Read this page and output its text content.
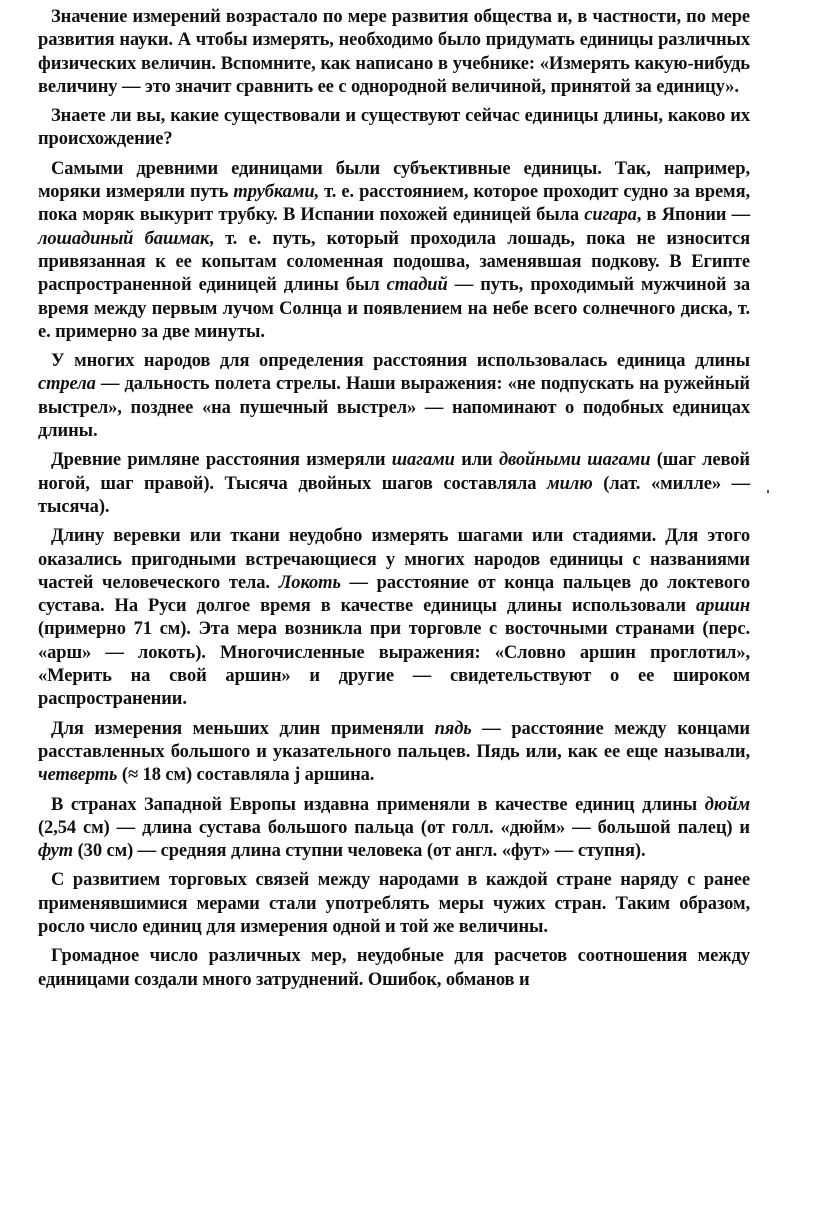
Значение измерений возрастало по мере развития общества и, в частности, по мере развития науки. А чтобы измерять, необходимо было придумать единицы различных физических величин. Вспомните, как написано в учебнике: «Измерять какую-нибудь величину — это значит сравнить ее с однородной величиной, принятой за единицу».

Знаете ли вы, какие существовали и существуют сейчас единицы длины, каково их происхождение?

Самыми древними единицами были субъективные единицы. Так, например, моряки измеряли путь трубками, т. е. расстоянием, которое проходит судно за время, пока моряк выкурит трубку. В Испании похожей единицей была сигара, в Японии — лошадиный башмак, т. е. путь, который проходила лошадь, пока не износится привязанная к ее копытам соломенная подошва, заменявшая подкову. В Египте распространенной единицей длины был стадий — путь, проходимый мужчиной за время между первым лучом Солнца и появлением на небе всего солнечного диска, т. е. примерно за две минуты.

У многих народов для определения расстояния использовалась единица длины стрела — дальность полета стрелы. Наши выражения: «не подпускать на ружейный выстрел», позднее «на пушечный выстрел» — напоминают о подобных единицах длины.

Древние римляне расстояния измеряли шагами или двойными шагами (шаг левой ногой, шаг правой). Тысяча двойных шагов составляла милю (лат. «милле» — тысяча).

Длину веревки или ткани неудобно измерять шагами или стадиями. Для этого оказались пригодными встречающиеся у многих народов единицы с названиями частей человеческого тела. Локоть — расстояние от конца пальцев до локтевого сустава. На Руси долгое время в качестве единицы длины использовали аршин (примерно 71 см). Эта мера возникла при торговле с восточными странами (перс. «арш» — локоть). Многочисленные выражения: «Словно аршин проглотил», «Мерить на свой аршин» и другие — свидетельствуют о ее широком распространении.

Для измерения меньших длин применяли пядь — расстояние между концами расставленных большого и указательного пальцев. Пядь или, как ее еще называли, четверть (≈ 18 см) составляла j аршина.

В странах Западной Европы издавна применяли в качестве единиц длины дюйм (2,54 см) — длина сустава большого пальца (от голл. «дюйм» — большой палец) и фут (30 см) — средняя длина ступни человека (от англ. «фут» — ступня).

С развитием торговых связей между народами в каждой стране наряду с ранее применявшимися мерами стали употреблять меры чужих стран. Таким образом, росло число единиц для измерения одной и той же величины.

Громадное число различных мер, неудобные для расчетов соотношения между единицами создали много затруднений. Ошибок, обманов и
